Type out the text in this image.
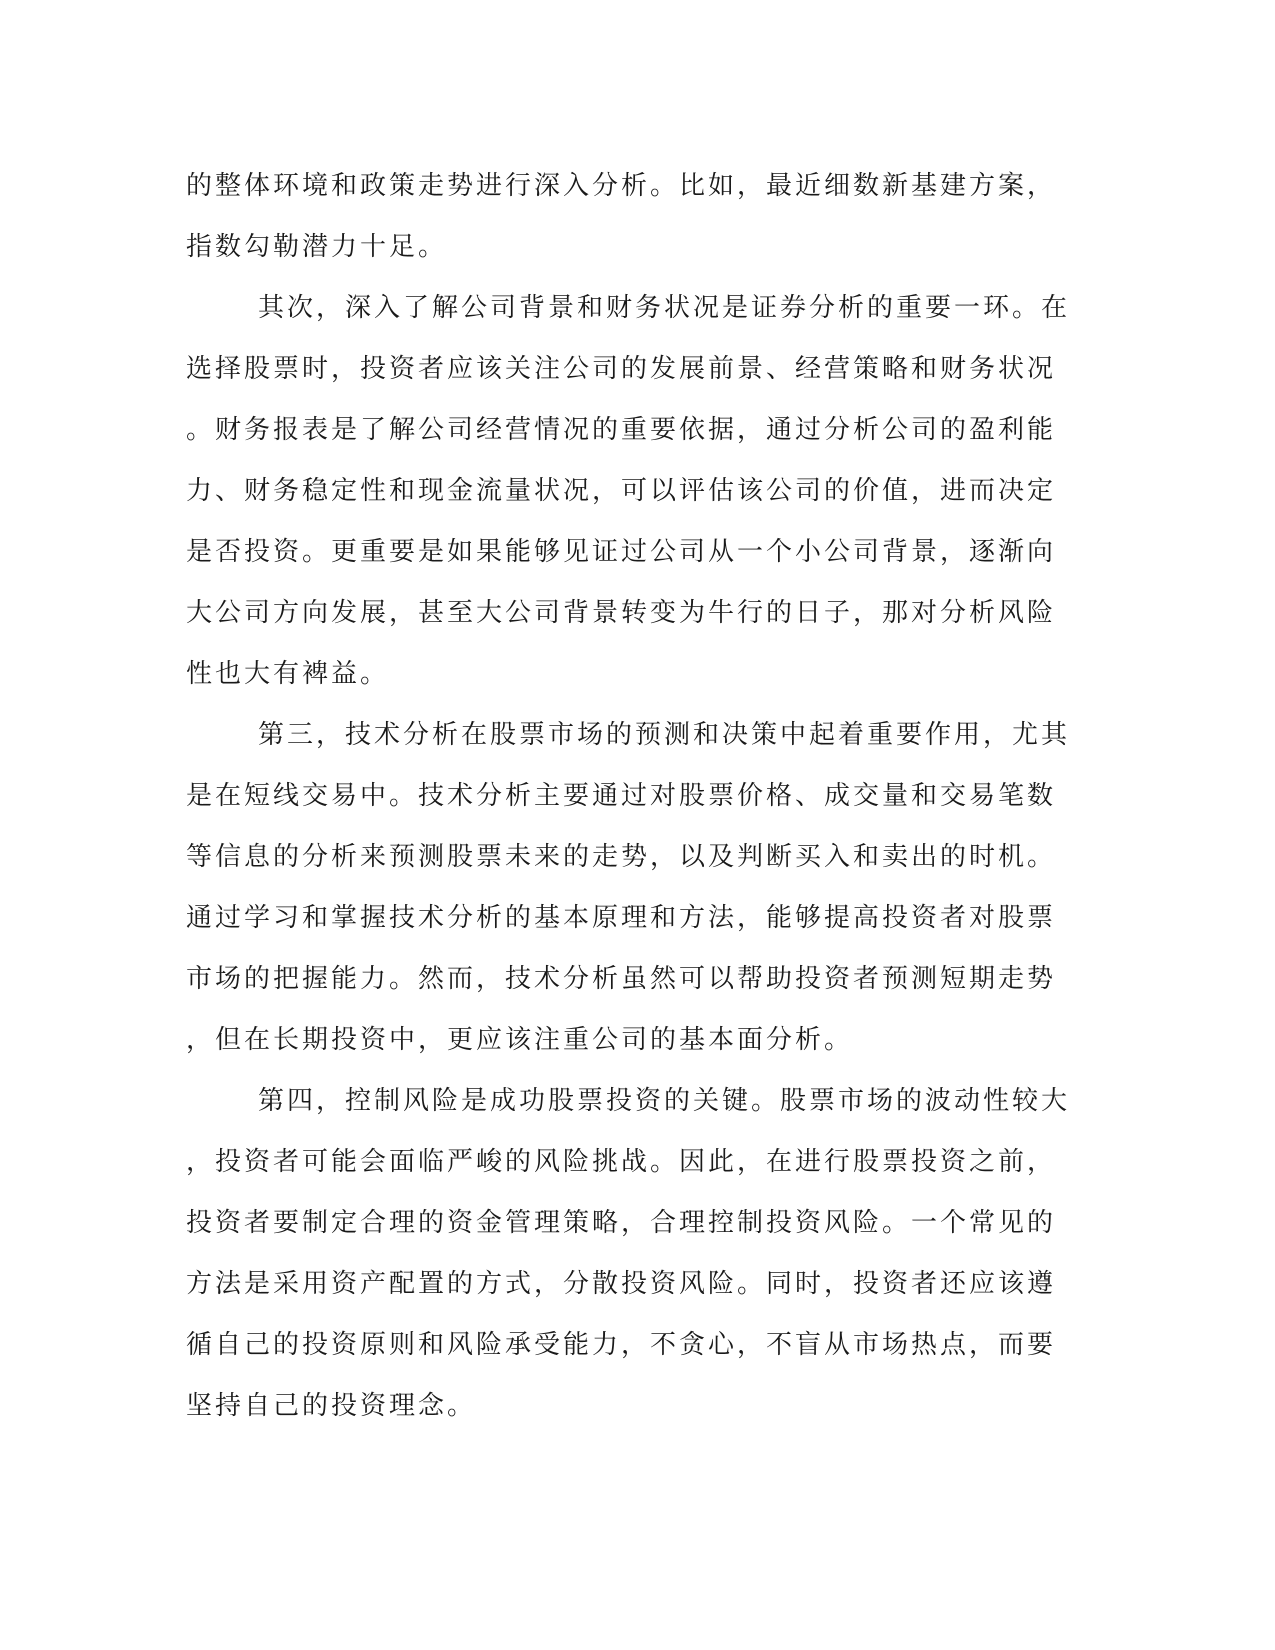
的整体环境和政策走势进行深入分析。比如，最近细数新基建方案，
指数勾勒潜力十足。
其次，深入了解公司背景和财务状况是证券分析的重要一环。在
选择股票时，投资者应该关注公司的发展前景、经营策略和财务状况
。财务报表是了解公司经营情况的重要依据，通过分析公司的盈利能
力、财务稳定性和现金流量状况，可以评估该公司的价值，进而决定
是否投资。更重要是如果能够见证过公司从一个小公司背景，逐渐向
大公司方向发展，甚至大公司背景转变为牛行的日子，那对分析风险
性也大有裨益。
第三，技术分析在股票市场的预测和决策中起着重要作用，尤其
是在短线交易中。技术分析主要通过对股票价格、成交量和交易笔数
等信息的分析来预测股票未来的走势，以及判断买入和卖出的时机。
通过学习和掌握技术分析的基本原理和方法，能够提高投资者对股票
市场的把握能力。然而，技术分析虽然可以帮助投资者预测短期走势
，但在长期投资中，更应该注重公司的基本面分析。
第四，控制风险是成功股票投资的关键。股票市场的波动性较大
，投资者可能会面临严峻的风险挑战。因此，在进行股票投资之前，
投资者要制定合理的资金管理策略，合理控制投资风险。一个常见的
方法是采用资产配置的方式，分散投资风险。同时，投资者还应该遵
循自己的投资原则和风险承受能力，不贪心，不盲从市场热点，而要
坚持自己的投资理念。
